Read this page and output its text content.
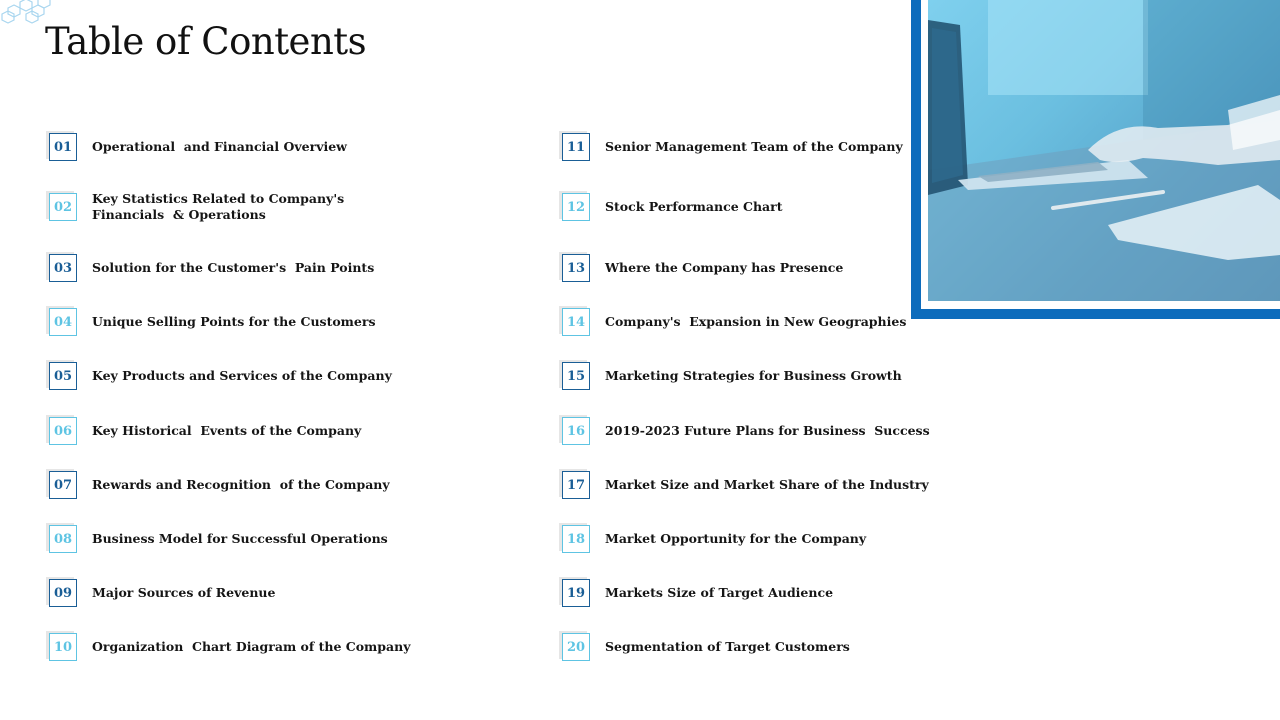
Table of Contents
01 Operational  and Financial Overview
02
Key Statistics Related to Company's
Financials  & Operations
03 Solution for the Customer's  Pain Points
04 Unique Selling Points for the Customers
05 Key Products and Services of the Company
06 Key Historical  Events of the Company
07 Rewards and Recognition  of the Company
08 Business Model for Successful Operations
09 Major Sources of Revenue
10 Organization  Chart Diagram of the Company
11 Senior Management Team of the Company
12 Stock Performance Chart
13 Where the Company has Presence
14 Company's  Expansion in New Geographies
15 Marketing Strategies for Business Growth
16 2019-2023 Future Plans for Business  Success
17 Market Size and Market Share of the Industry
18 Market Opportunity for the Company
19 Markets Size of Target Audience
20 Segmentation of Target Customers
